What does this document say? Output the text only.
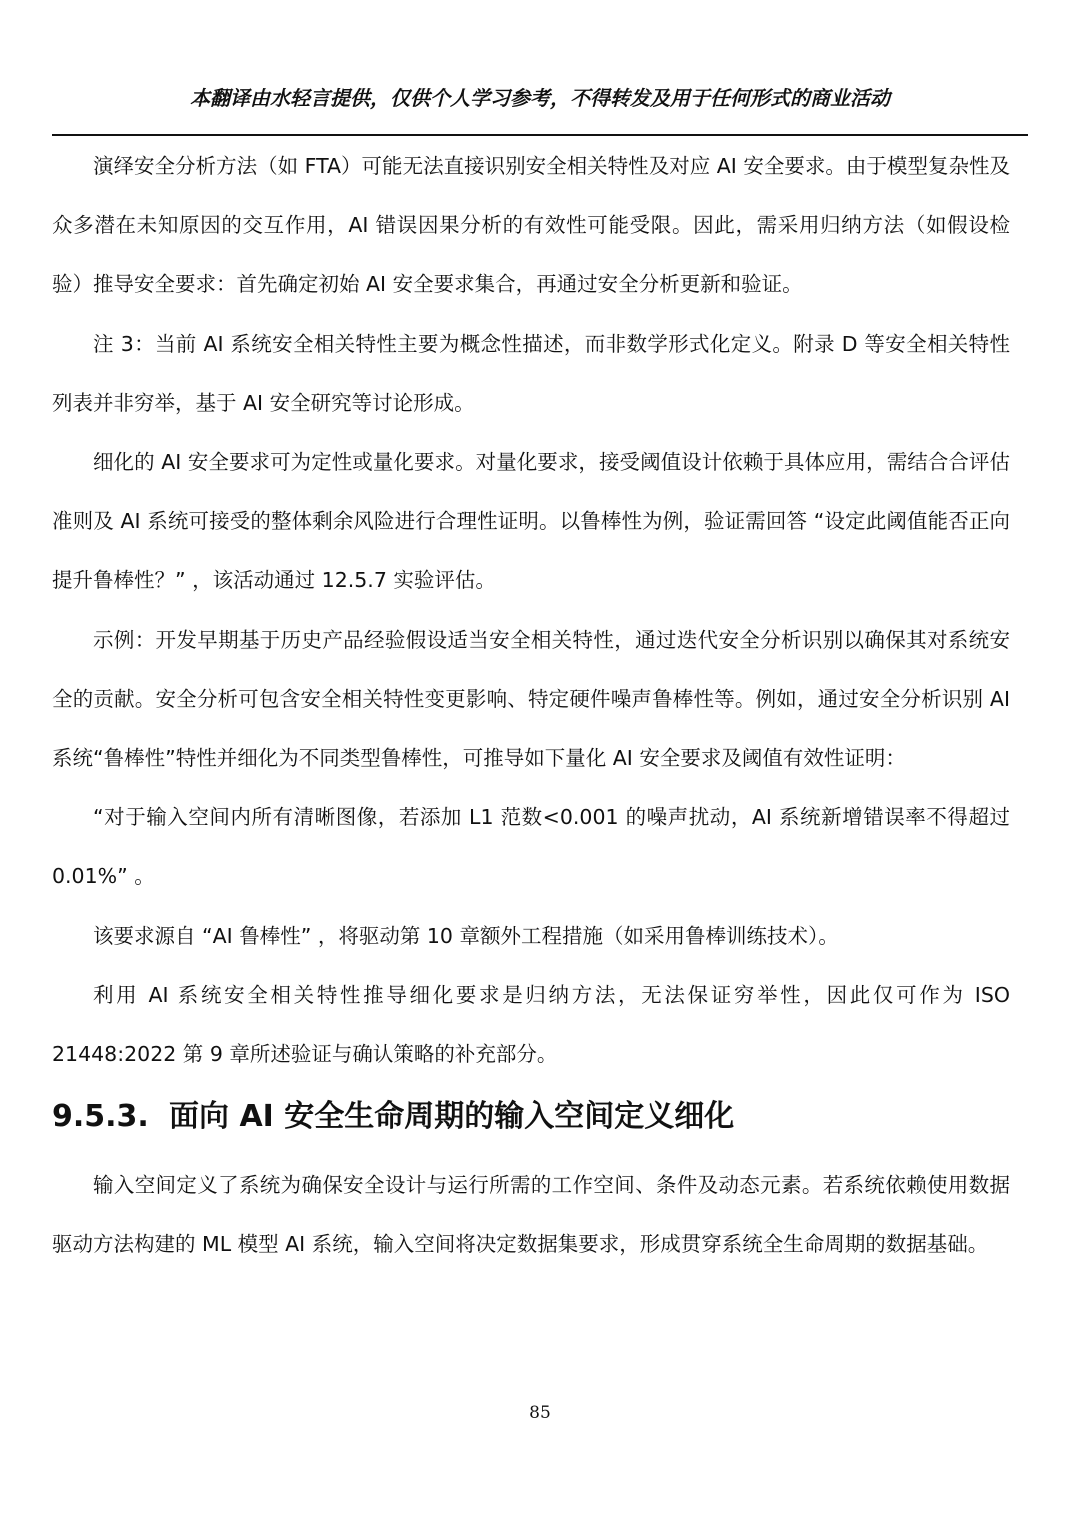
本翻译由水轻言提供，仅供个人学习参考，不得转发及用于任何形式的商业活动

演绎安全分析方法（如 FTA）可能无法直接识别安全相关特性及对应 AI 安全要求。由于模型复杂性及众多潜在未知原因的交互作用，AI 错误因果分析的有效性可能受限。因此，需采用归纳方法（如假设检验）推导安全要求：首先确定初始 AI 安全要求集合，再通过安全分析更新和验证。

注 3：当前 AI 系统安全相关特性主要为概念性描述，而非数学形式化定义。附录 D 等安全相关特性列表并非穷举，基于 AI 安全研究等讨论形成。

细化的 AI 安全要求可为定性或量化要求。对量化要求，接受阈值设计依赖于具体应用，需结合合评估准则及 AI 系统可接受的整体剩余风险进行合理性证明。以鲁棒性为例，验证需回答 “设定此阈值能否正向提升鲁棒性？” ，该活动通过 12.5.7 实验评估。

示例：开发早期基于历史产品经验假设适当安全相关特性，通过迭代安全分析识别以确保其对系统安全的贡献。安全分析可包含安全相关特性变更影响、特定硬件噪声鲁棒性等。例如，通过安全分析识别 AI 系统“鲁棒性”特性并细化为不同类型鲁棒性，可推导如下量化 AI 安全要求及阈值有效性证明：

“对于输入空间内所有清晰图像，若添加 L1 范数<0.001 的噪声扰动，AI 系统新增错误率不得超过 0.01%” 。

该要求源自 “AI 鲁棒性” ，将驱动第 10 章额外工程措施（如采用鲁棒训练技术）。

利用 AI 系统安全相关特性推导细化要求是归纳方法，无法保证穷举性，因此仅可作为 ISO 21448:2022 第 9 章所述验证与确认策略的补充部分。

9.5.3. 面向 AI 安全生命周期的输入空间定义细化

输入空间定义了系统为确保安全设计与运行所需的工作空间、条件及动态元素。若系统依赖使用数据驱动方法构建的 ML 模型 AI 系统，输入空间将决定数据集要求，形成贯穿系统全生命周期的数据基础。

85
